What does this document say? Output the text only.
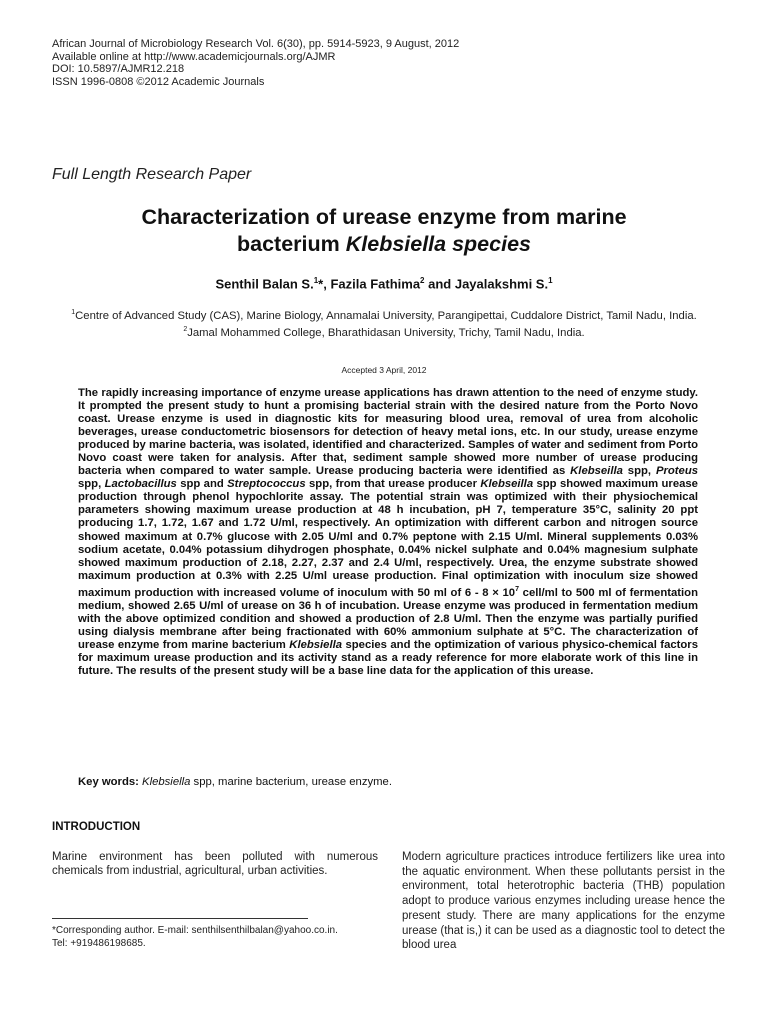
African Journal of Microbiology Research Vol. 6(30), pp. 5914-5923, 9 August, 2012
Available online at http://www.academicjournals.org/AJMR
DOI: 10.5897/AJMR12.218
ISSN 1996-0808 ©2012 Academic Journals
Full Length Research Paper
Characterization of urease enzyme from marine
bacterium Klebsiella species
Senthil Balan S.$^1$*, Fazila Fathima$^2$ and Jayalakshmi S.$^1$
$^1$Centre of Advanced Study (CAS), Marine Biology, Annamalai University, Parangipettai, Cuddalore District, Tamil Nadu, India.
$^2$Jamal Mohammed College, Bharathidasan University, Trichy, Tamil Nadu, India.
Accepted 3 April, 2012
The rapidly increasing importance of enzyme urease applications has drawn attention to the need of enzyme study. It prompted the present study to hunt a promising bacterial strain with the desired nature from the Porto Novo coast. Urease enzyme is used in diagnostic kits for measuring blood urea, removal of urea from alcoholic beverages, urease conductometric biosensors for detection of heavy metal ions, etc. In our study, urease enzyme produced by marine bacteria, was isolated, identified and characterized. Samples of water and sediment from Porto Novo coast were taken for analysis. After that, sediment sample showed more number of urease producing bacteria when compared to water sample. Urease producing bacteria were identified as Klebseilla spp, Proteus spp, Lactobacillus spp and Streptococcus spp, from that urease producer Klebseilla spp showed maximum urease production through phenol hypochlorite assay. The potential strain was optimized with their physiochemical parameters showing maximum urease production at 48 h incubation, pH 7, temperature 35°C, salinity 20 ppt producing 1.7, 1.72, 1.67 and 1.72 U/ml, respectively. An optimization with different carbon and nitrogen source showed maximum at 0.7% glucose with 2.05 U/ml and 0.7% peptone with 2.15 U/ml. Mineral supplements 0.03% sodium acetate, 0.04% potassium dihydrogen phosphate, 0.04% nickel sulphate and 0.04% magnesium sulphate showed maximum production of 2.18, 2.27, 2.37 and 2.4 U/ml, respectively. Urea, the enzyme substrate showed maximum production at 0.3% with 2.25 U/ml urease production. Final optimization with inoculum size showed maximum production with increased volume of inoculum with 50 ml of $6 - 8 \times 10^7$ cell/ml to 500 ml of fermentation medium, showed 2.65 U/ml of urease on 36 h of incubation. Urease enzyme was produced in fermentation medium with the above optimized condition and showed a production of 2.8 U/ml. Then the enzyme was partially purified using dialysis membrane after being fractionated with 60% ammonium sulphate at 5°C. The characterization of urease enzyme from marine bacterium Klebsiella species and the optimization of various physico-chemical factors for maximum urease production and its activity stand as a ready reference for more elaborate work of this line in future. The results of the present study will be a base line data for the application of this urease.
Key words: Klebsiella spp, marine bacterium, urease enzyme.
INTRODUCTION
Marine environment has been polluted with numerous chemicals from industrial, agricultural, urban activities.
Modern agriculture practices introduce fertilizers like urea into the aquatic environment. When these pollutants persist in the environment, total heterotrophic bacteria (THB) population adopt to produce various enzymes including urease hence the present study. There are many applications for the enzyme urease (that is,) it can be used as a diagnostic tool to detect the blood urea
*Corresponding author. E-mail: senthilsenthilbalan@yahoo.co.in.
Tel: +919486198685.
